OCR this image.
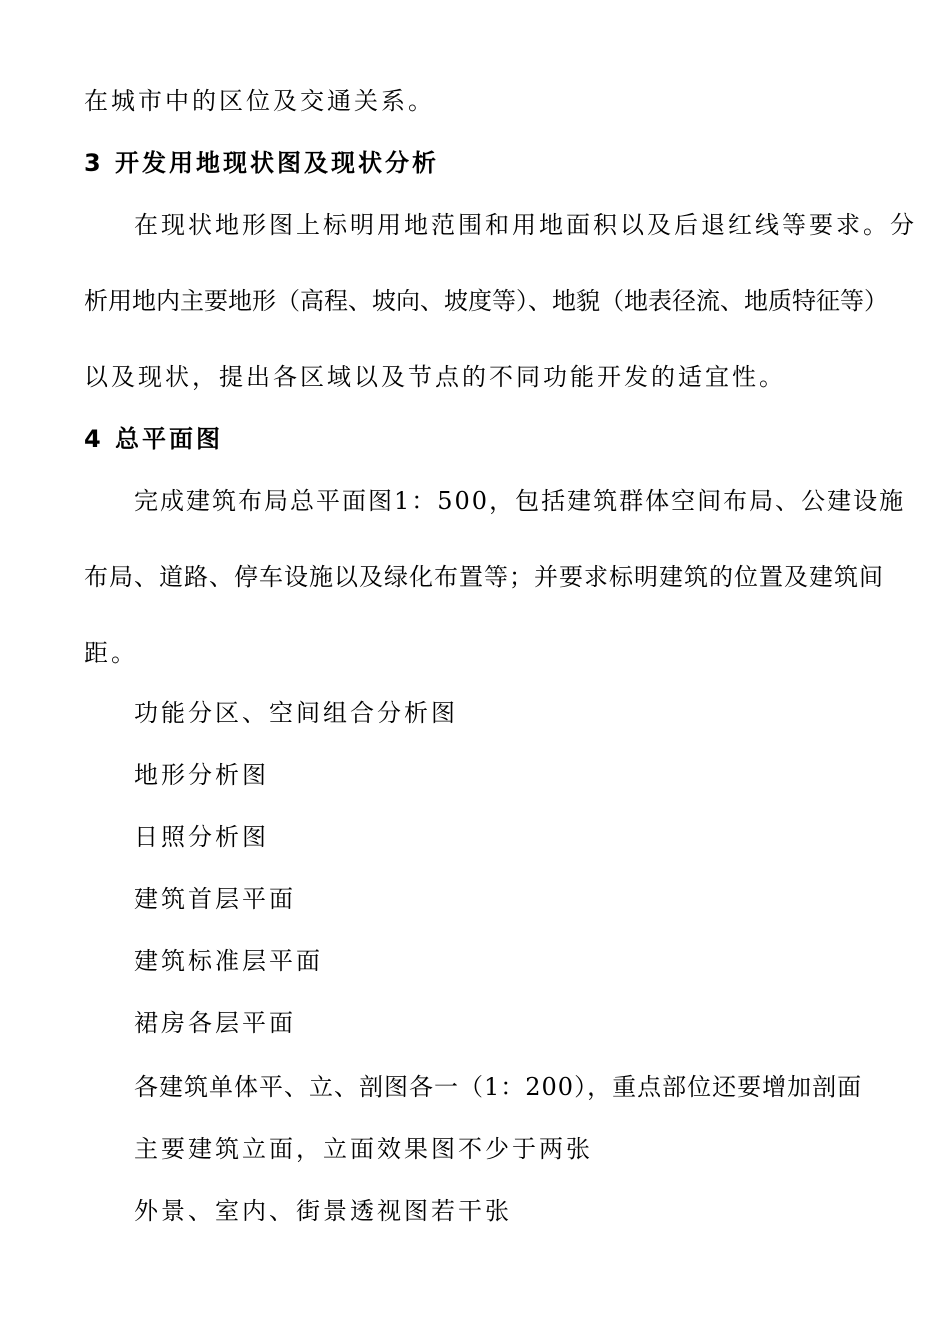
在城市中的区位及交通关系。
3 开发用地现状图及现状分析
在现状地形图上标明用地范围和用地面积以及后退红线等要求。分
析用地内主要地形（高程、坡向、坡度等）、地貌（地表径流、地质特征等）
以及现状，提出各区域以及节点的不同功能开发的适宜性。
4 总平面图
完成建筑布局总平面图1：500，包括建筑群体空间布局、公建设施
布局、道路、停车设施以及绿化布置等；并要求标明建筑的位置及建筑间
距。
功能分区、空间组合分析图
地形分析图
日照分析图
建筑首层平面
建筑标准层平面
裙房各层平面
各建筑单体平、立、剖图各一（1：200），重点部位还要增加剖面
主要建筑立面，立面效果图不少于两张
外景、室内、街景透视图若干张
